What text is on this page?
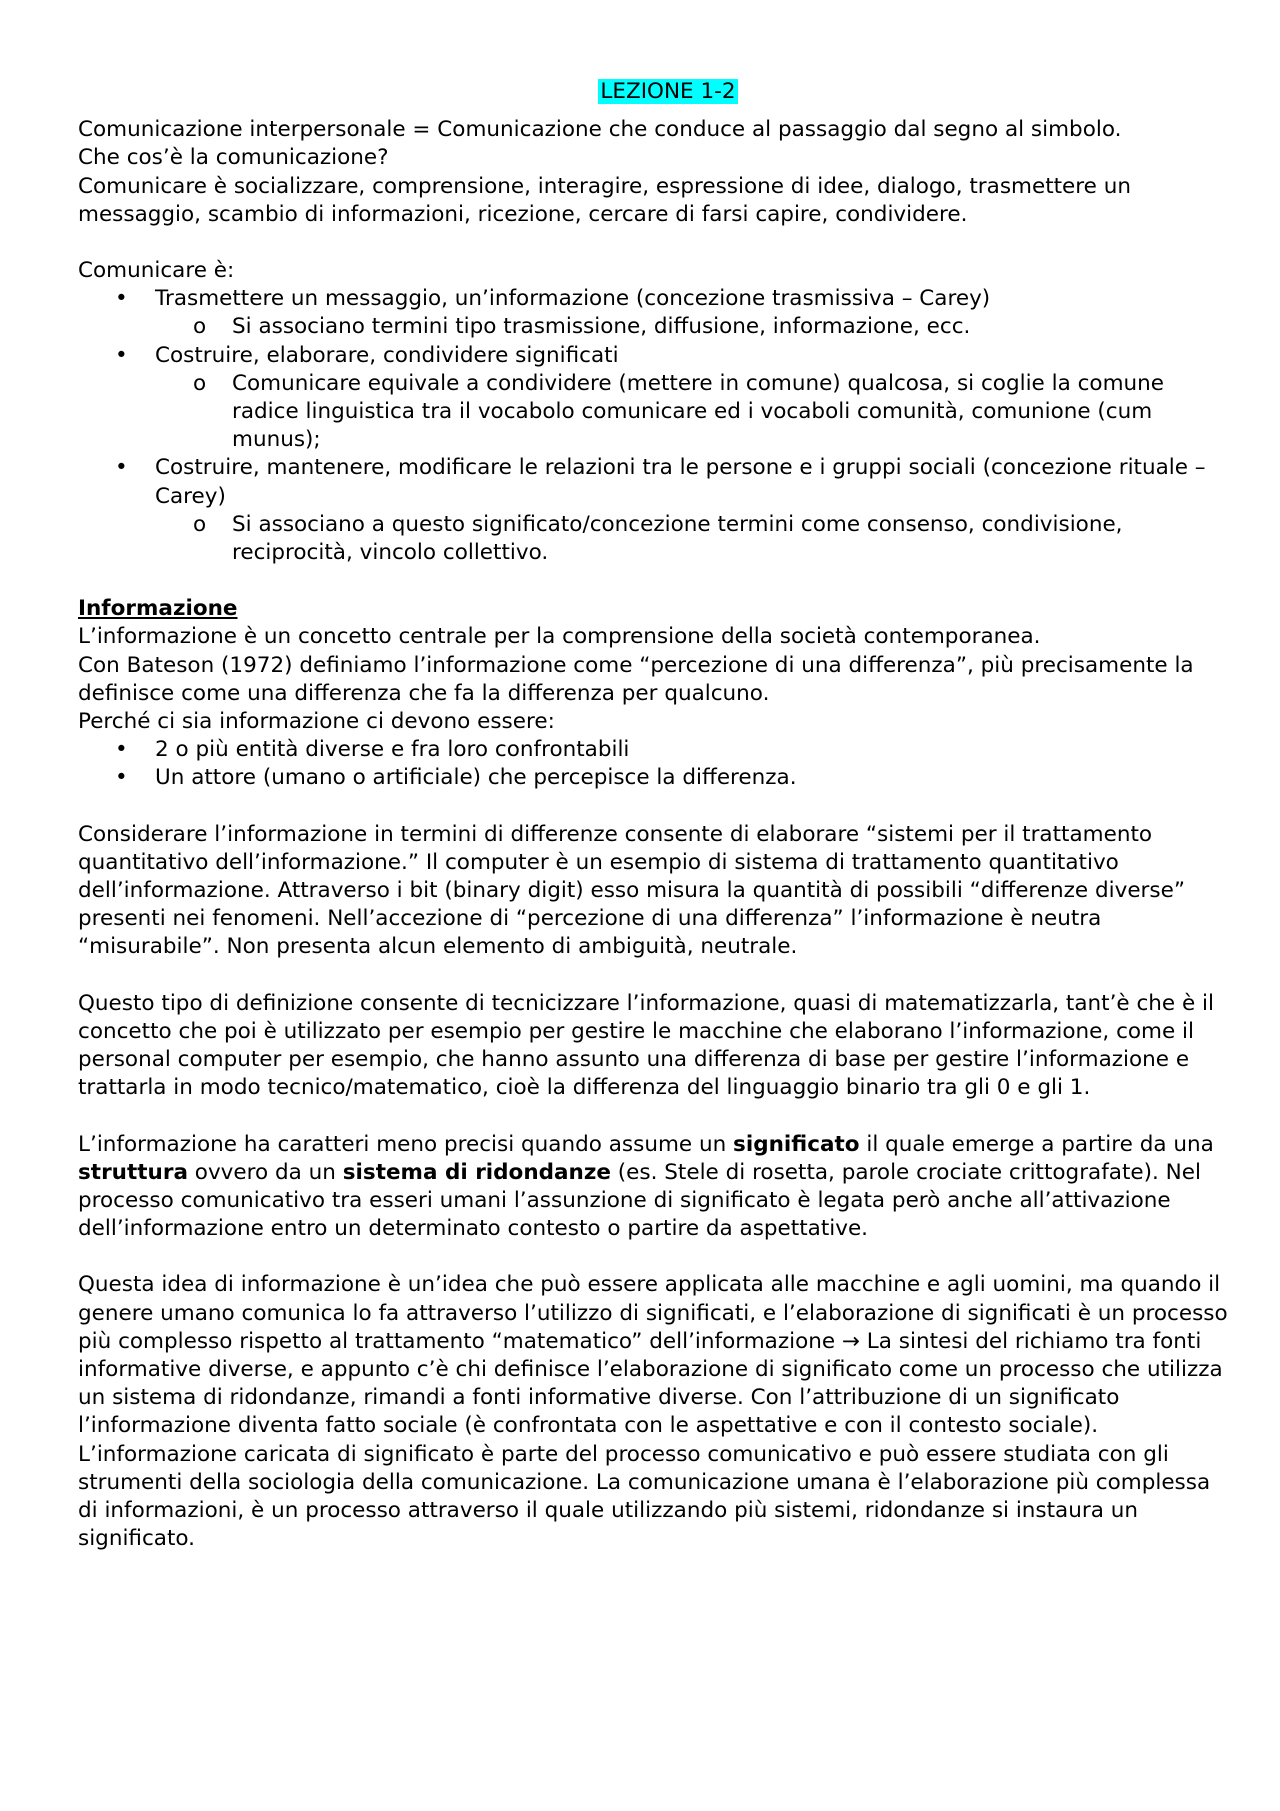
LEZIONE 1-2

Comunicazione interpersonale = Comunicazione che conduce al passaggio dal segno al simbolo.

Che cos’è la comunicazione?

Comunicare è socializzare, comprensione, interagire, espressione di idee, dialogo, trasmettere un messaggio, scambio di informazioni, ricezione, cercare di farsi capire, condividere.

Comunicare è:

• Trasmettere un messaggio, un’informazione (concezione trasmissiva – Carey)
o Si associano termini tipo trasmissione, diffusione, informazione, ecc.
• Costruire, elaborare, condividere significati
o Comunicare equivale a condividere (mettere in comune) qualcosa, si coglie la comune radice linguistica tra il vocabolo comunicare ed i vocaboli comunità, comunione (cum munus);
• Costruire, mantenere, modificare le relazioni tra le persone e i gruppi sociali (concezione rituale – Carey)
o Si associano a questo significato/concezione termini come consenso, condivisione, reciprocità, vincolo collettivo.

Informazione

L’informazione è un concetto centrale per la comprensione della società contemporanea.

Con Bateson (1972) definiamo l’informazione come “percezione di una differenza”, più precisamente la definisce come una differenza che fa la differenza per qualcuno.

Perché ci sia informazione ci devono essere:

• 2 o più entità diverse e fra loro confrontabili
• Un attore (umano o artificiale) che percepisce la differenza.

Considerare l’informazione in termini di differenze consente di elaborare “sistemi per il trattamento quantitativo dell’informazione.” Il computer è un esempio di sistema di trattamento quantitativo dell’informazione. Attraverso i bit (binary digit) esso misura la quantità di possibili “differenze diverse” presenti nei fenomeni. Nell’accezione di “percezione di una differenza” l’informazione è neutra “misurabile”. Non presenta alcun elemento di ambiguità, neutrale.

Questo tipo di definizione consente di tecnicizzare l’informazione, quasi di matematizzarla, tant’è che è il concetto che poi è utilizzato per esempio per gestire le macchine che elaborano l’informazione, come il personal computer per esempio, che hanno assunto una differenza di base per gestire l’informazione e trattarla in modo tecnico/matematico, cioè la differenza del linguaggio binario tra gli 0 e gli 1.

L’informazione ha caratteri meno precisi quando assume un significato il quale emerge a partire da una struttura ovvero da un sistema di ridondanze (es. Stele di rosetta, parole crociate crittografate). Nel processo comunicativo tra esseri umani l’assunzione di significato è legata però anche all’attivazione dell’informazione entro un determinato contesto o partire da aspettative.

Questa idea di informazione è un’idea che può essere applicata alle macchine e agli uomini, ma quando il genere umano comunica lo fa attraverso l’utilizzo di significati, e l’elaborazione di significati è un processo più complesso rispetto al trattamento “matematico” dell’informazione → La sintesi del richiamo tra fonti informative diverse, e appunto c’è chi definisce l’elaborazione di significato come un processo che utilizza un sistema di ridondanze, rimandi a fonti informative diverse. Con l’attribuzione di un significato l’informazione diventa fatto sociale (è confrontata con le aspettative e con il contesto sociale). L’informazione caricata di significato è parte del processo comunicativo e può essere studiata con gli strumenti della sociologia della comunicazione. La comunicazione umana è l’elaborazione più complessa di informazioni, è un processo attraverso il quale utilizzando più sistemi, ridondanze si instaura un significato.
